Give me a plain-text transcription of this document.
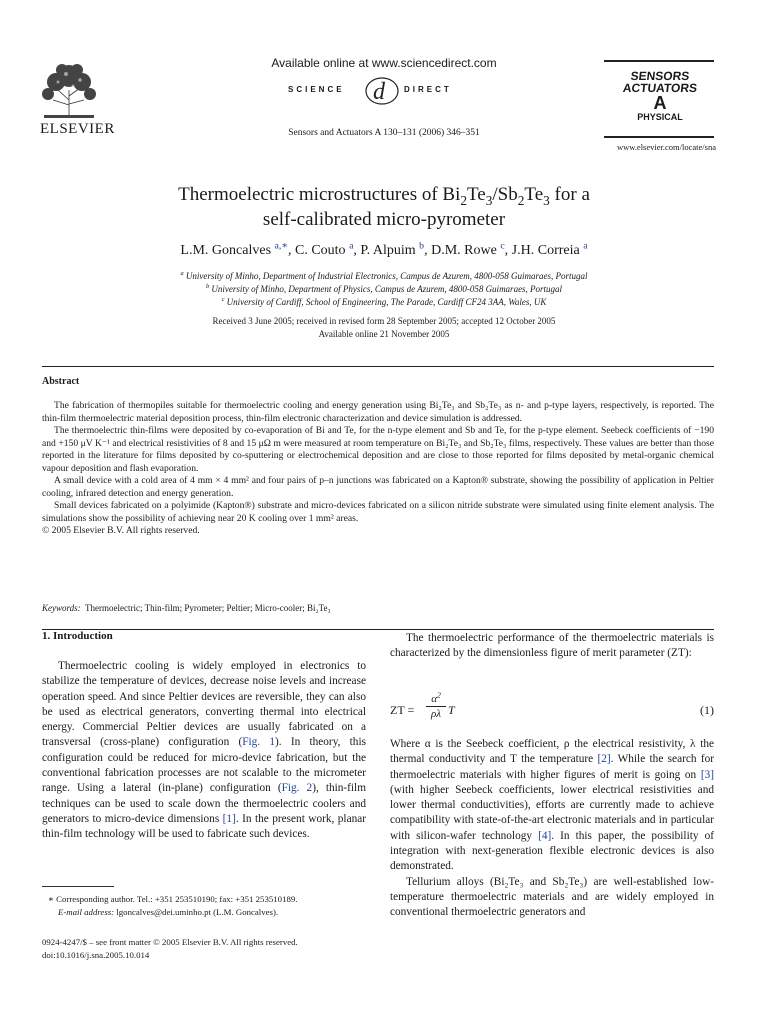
ELSEVIER
Available online at www.sciencedirect.com
SCIENCE d DIRECT
Sensors and Actuators A 130–131 (2006) 346–351
SENSORS
ACTUATORS
A
PHYSICAL
www.elsevier.com/locate/sna
Thermoelectric microstructures of $Bi_2Te_3/Sb_2Te_3$ for a
self-calibrated micro-pyrometer
L.M. Goncalves $^{a,∗}$, C. Couto $^a$, P. Alpuim $^b$, D.M. Rowe $^c$, J.H. Correia $^a$
$^a$ University of Minho, Department of Industrial Electronics, Campus de Azurem, 4800-058 Guimaraes, Portugal
$^b$ University of Minho, Department of Physics, Campus de Azurem, 4800-058 Guimaraes, Portugal
$^c$ University of Cardiff, School of Engineering, The Parade, Cardiff CF24 3AA, Wales, UK
Received 3 June 2005; received in revised form 28 September 2005; accepted 12 October 2005
Available online 21 November 2005
Abstract

The fabrication of thermopiles suitable for thermoelectric cooling and energy generation using Bi₂Te₃ and Sb₂Te₃ as n- and p-type layers, respectively, is reported. The thin-film thermoelectric material deposition process, thin-film electronic characterization and device simulation is addressed.

The thermoelectric thin-films were deposited by co-evaporation of Bi and Te, for the n-type element and Sb and Te, for the p-type element. Seebeck coefficients of −190 and +150 μV K⁻¹ and electrical resistivities of 8 and 15 μΩ m were measured at room temperature on Bi₂Te₃ and Sb₂Te₃ films, respectively. These values are better than those reported in the literature for films deposited by co-sputtering or electrochemical deposition and are close to those reported for films deposited by metal-organic chemical vapour deposition and flash evaporation.

A small device with a cold area of 4 mm × 4 mm² and four pairs of p–n junctions was fabricated on a Kapton® substrate, showing the possibility of application in Peltier cooling, infrared detection and energy generation.

Small devices fabricated on a polyimide (Kapton®) substrate and micro-devices fabricated on a silicon nitride substrate were simulated using finite element analysis. The simulations show the possibility of achieving near 20 K cooling over 1 mm² areas.

© 2005 Elsevier B.V. All rights reserved.

Keywords: Thermoelectric; Thin-film; Pyrometer; Peltier; Micro-cooler; Bi₂Te₃
1. Introduction

Thermoelectric cooling is widely employed in electronics to stabilize the temperature of devices, decrease noise levels and increase operation speed. And since Peltier devices are reversible, they can also be used as electrical generators, converting thermal into electrical energy. Commercial Peltier devices are usually fabricated on a transversal (cross-plane) configuration (Fig. 1). In theory, this configuration could be reduced for micro-device fabrication, but the conventional fabrication processes are not scalable to the micrometer range. Using a lateral (in-plane) configuration (Fig. 2), thin-film techniques can be used to scale down the thermoelectric coolers and generators to micro-device dimensions [1]. In the present work, planar thin-film technology will be used to fabricate such devices.

∗ Corresponding author. Tel.: +351 253510190; fax: +351 253510189.
E-mail address: lgoncalves@dei.uminho.pt (L.M. Goncalves).
0924-4247/$ – see front matter © 2005 Elsevier B.V. All rights reserved.
doi:10.1016/j.sna.2005.10.014

The thermoelectric performance of the thermoelectric materials is characterized by the dimensionless figure of merit parameter (ZT):

ZT =
$\alpha^2$
ρλ T	(1)

Where α is the Seebeck coefficient, ρ the electrical resistivity, λ the thermal conductivity and T the temperature [2]. While the search for thermoelectric materials with higher figures of merit is going on [3] (with higher Seebeck coefficients, lower electrical resistivities and lower thermal conductivities), efforts are currently made to achieve compatibility with state-of-the-art electronic materials and in particular with silicon-wafer technology [4]. In this paper, the possibility of integration with next-generation flexible electronic devices is also demonstrated.

Tellurium alloys (Bi₂Te₃ and Sb₂Te₃) are well-established low-temperature thermoelectric materials and are widely employed in conventional thermoelectric generators and
